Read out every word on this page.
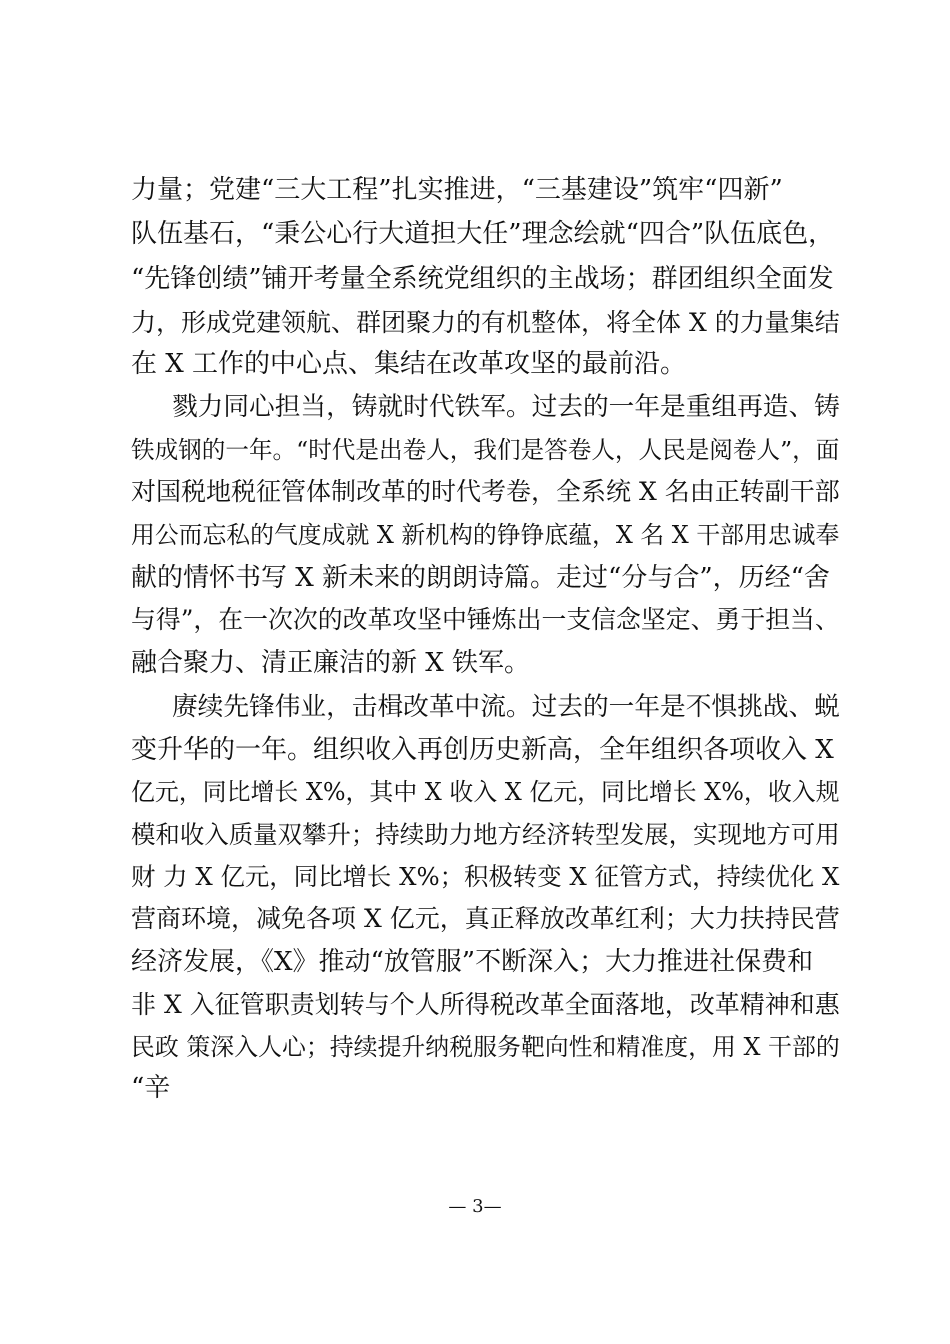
力量；党建“三大工程”扎实推进，“三基建设”筑牢“四新”
队伍基石，“秉公心行大道担大任”理念绘就“四合”队伍底色，
“先锋创绩”铺开考量全系统党组织的主战场；群团组织全面发
力，形成党建领航、群团聚力的有机整体，将全体 X 的力量集结
在 X 工作的中心点、集结在改革攻坚的最前沿。
戮力同心担当，铸就时代铁军。过去的一年是重组再造、铸
铁成钢的一年。“时代是出卷人，我们是答卷人，人民是阅卷人”，面
对国税地税征管体制改革的时代考卷，全系统 X 名由正转副干部
用公而忘私的气度成就 X 新机构的铮铮底蕴，X 名 X 干部用忠诚奉
献的情怀书写 X 新未来的朗朗诗篇。走过“分与合”，历经“舍
与得”，在一次次的改革攻坚中锤炼出一支信念坚定、勇于担当、
融合聚力、清正廉洁的新 X 铁军。
赓续先锋伟业，击楫改革中流。过去的一年是不惧挑战、蜕
变升华的一年。组织收入再创历史新高，全年组织各项收入 X
亿元，同比增长 X%，其中 X 收入 X 亿元，同比增长 X%，收入规
模和收入质量双攀升；持续助力地方经济转型发展，实现地方可用
财 力 X 亿元，同比增长 X%；积极转变 X 征管方式，持续优化 X
营商环境，减免各项 X 亿元，真正释放改革红利；大力扶持民营
经济发展，《X》推动“放管服”不断深入；大力推进社保费和
非 X 入征管职责划转与个人所得税改革全面落地，改革精神和惠
民政 策深入人心；持续提升纳税服务靶向性和精准度，用 X 干部的
“辛
— 3—
